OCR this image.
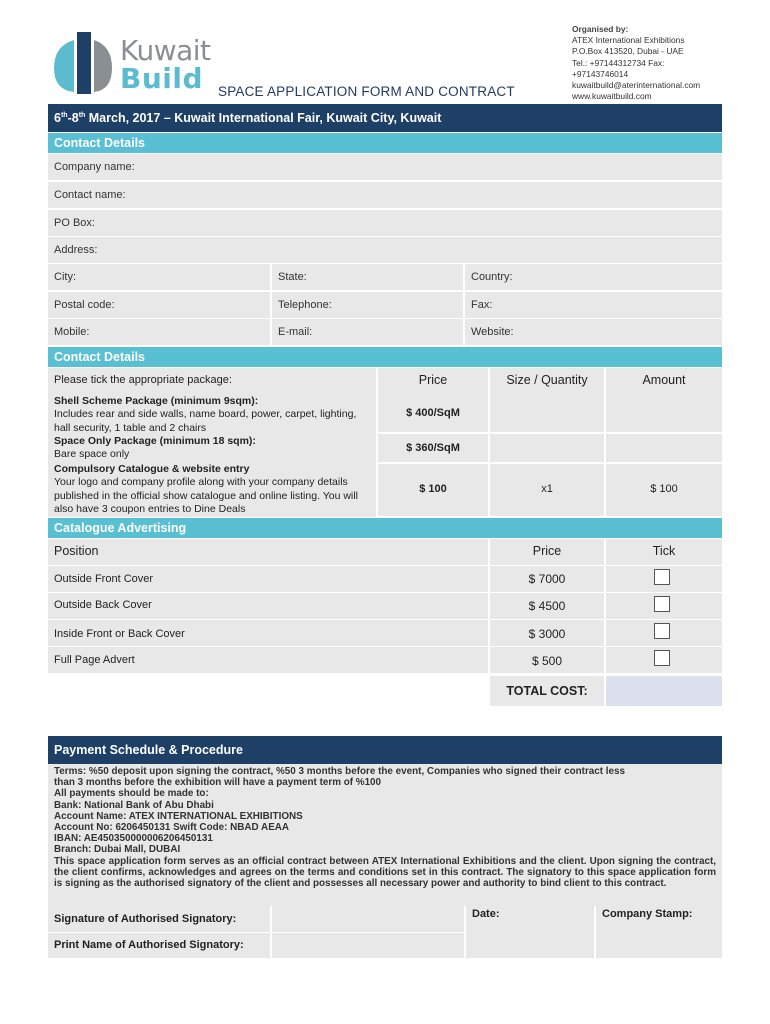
Kuwait
Build SPACE APPLICATION FORM AND CONTRACT
Organised by:
ATEX International Exhibitions
P.O.Box 413520, Dubai - UAE
Tel.: +97144312734 Fax:
+97143746014
kuwaitbuild@aterinternational.com
www.kuwaitbuild.com
6th-8th March, 2017 – Kuwait International Fair, Kuwait City, Kuwait
Contact Details
Company name:
Contact name:
PO Box:
Address:
City:	State:	Country:
Postal code:	Telephone:	Fax:
Mobile:	E-mail:	Website:
Contact Details
Please tick the appropriate package:	Price	Size / Quantity	Amount
Shell Scheme Package (minimum 9sqm):
Includes rear and side walls, name board, power, carpet, lighting, hall security, 1 table and 2 chairs
$ 400/SqM
Space Only Package (minimum 18 sqm):
Bare space only
$ 360/SqM
Compulsory Catalogue & website entry
Your logo and company profile along with your company details published in the official show catalogue and online listing. You will also have 3 coupon entries to Dine Deals
$ 100	x1	$ 100
Catalogue Advertising
Position	Price	Tick
Outside Front Cover	$ 7000
Outside Back Cover	$ 4500
Inside Front or Back Cover	$ 3000
Full Page Advert	$ 500
TOTAL COST:
Payment Schedule & Procedure

Terms: %50 deposit upon signing the contract, %50 3 months before the event, Companies who signed their contract less

than 3 months before the exhibition will have a payment term of %100

All payments should be made to:

Bank: National Bank of Abu Dhabi

Account Name: ATEX INTERNATIONAL EXHIBITIONS

Account No: 6206450131 Swift Code: NBAD AEAA

IBAN: AE450350000006206450131

Branch: Dubai Mall, DUBAI

This space application form serves as an official contract between ATEX International Exhibitions and the client. Upon signing the contract, the client confirms, acknowledges and agrees on the terms and conditions set in this contract. The signatory to this space application form is signing as the authorised signatory of the client and possesses all necessary power and authority to bind client to this contract.

Signature of Authorised Signatory:	Date:	Company Stamp:
Print Name of Authorised Signatory:
